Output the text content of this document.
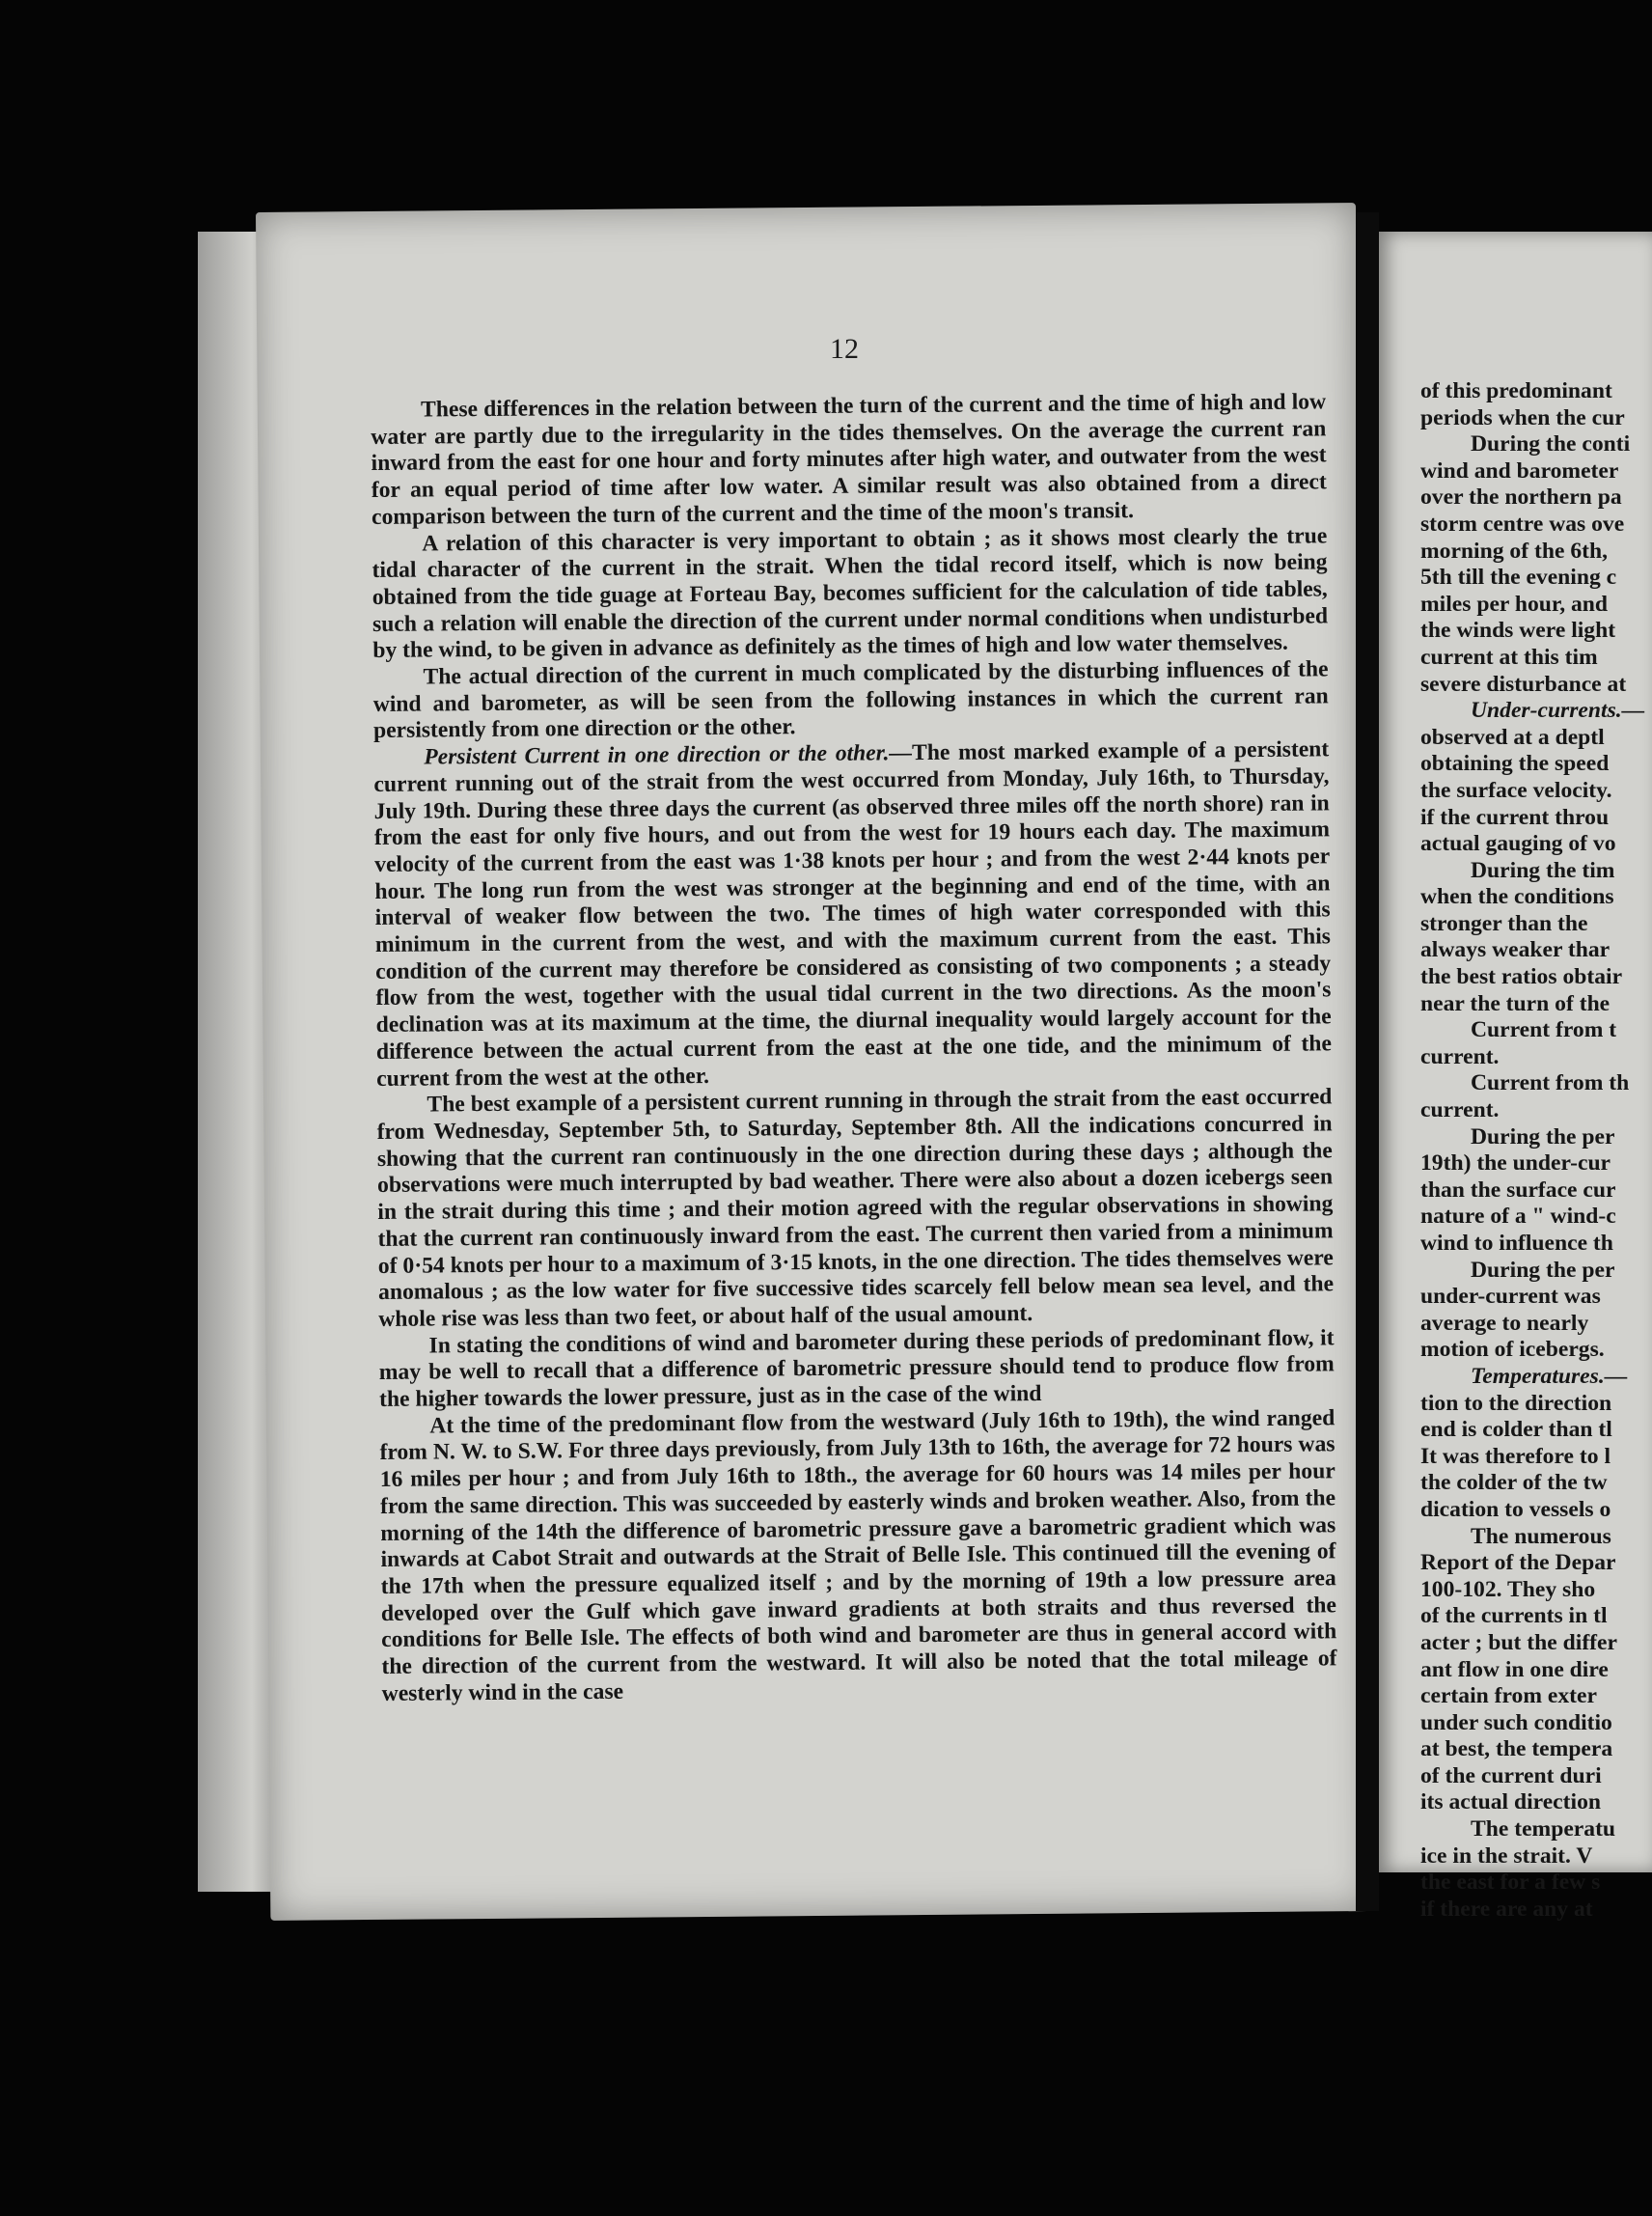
12

These differences in the relation between the turn of the current and the time of high and low water are partly due to the irregularity in the tides themselves. On the average the current ran inward from the east for one hour and forty minutes after high water, and outwater from the west for an equal period of time after low water. A similar result was also obtained from a direct comparison between the turn of the current and the time of the moon's transit.

A relation of this character is very important to obtain ; as it shows most clearly the true tidal character of the current in the strait. When the tidal record itself, which is now being obtained from the tide guage at Forteau Bay, becomes sufficient for the calculation of tide tables, such a relation will enable the direction of the current under normal conditions when undisturbed by the wind, to be given in advance as definitely as the times of high and low water themselves.

The actual direction of the current in much complicated by the disturbing influences of the wind and barometer, as will be seen from the following instances in which the current ran persistently from one direction or the other.

Persistent Current in one direction or the other.—The most marked example of a persistent current running out of the strait from the west occurred from Monday, July 16th, to Thursday, July 19th. During these three days the current (as observed three miles off the north shore) ran in from the east for only five hours, and out from the west for 19 hours each day. The maximum velocity of the current from the east was 1·38 knots per hour ; and from the west 2·44 knots per hour. The long run from the west was stronger at the beginning and end of the time, with an interval of weaker flow between the two. The times of high water corresponded with this minimum in the current from the west, and with the maximum current from the east. This condition of the current may therefore be considered as consisting of two components ; a steady flow from the west, together with the usual tidal current in the two directions. As the moon's declination was at its maximum at the time, the diurnal inequality would largely account for the difference between the actual current from the east at the one tide, and the minimum of the current from the west at the other.

The best example of a persistent current running in through the strait from the east occurred from Wednesday, September 5th, to Saturday, September 8th. All the indications concurred in showing that the current ran continuously in the one direction during these days ; although the observations were much interrupted by bad weather. There were also about a dozen icebergs seen in the strait during this time ; and their motion agreed with the regular observations in showing that the current ran continuously inward from the east. The current then varied from a minimum of 0·54 knots per hour to a maximum of 3·15 knots, in the one direction. The tides themselves were anomalous ; as the low water for five successive tides scarcely fell below mean sea level, and the whole rise was less than two feet, or about half of the usual amount.

In stating the conditions of wind and barometer during these periods of predominant flow, it may be well to recall that a difference of barometric pressure should tend to produce flow from the higher towards the lower pressure, just as in the case of the wind

At the time of the predominant flow from the westward (July 16th to 19th), the wind ranged from N. W. to S.W. For three days previously, from July 13th to 16th, the average for 72 hours was 16 miles per hour ; and from July 16th to 18th., the average for 60 hours was 14 miles per hour from the same direction. This was succeeded by easterly winds and broken weather. Also, from the morning of the 14th the difference of barometric pressure gave a barometric gradient which was inwards at Cabot Strait and outwards at the Strait of Belle Isle. This continued till the evening of the 17th when the pressure equalized itself ; and by the morning of 19th a low pressure area developed over the Gulf which gave inward gradients at both straits and thus reversed the conditions for Belle Isle. The effects of both wind and barometer are thus in general accord with the direction of the current from the westward. It will also be noted that the total mileage of westerly wind in the case

of this predominant
periods when the cur
During the conti
wind and barometer
over the northern pa
storm centre was ove
morning of the 6th,
5th till the evening c
miles per hour, and
the winds were light
current at this tim
severe disturbance at
Under-currents.—
observed at a deptl
obtaining the speed
the surface velocity.
if the current throu
actual gauging of vo
During the tim
when the conditions
stronger than the
always weaker thar
the best ratios obtair
near the turn of the
Current from t
current.
Current from th
current.
During the per
19th) the under-cur
than the surface cur
nature of a " wind-c
wind to influence th
During the per
under-current was
average to nearly
motion of icebergs.
Temperatures.—
tion to the direction
end is colder than tl
It was therefore to l
the colder of the tw
dication to vessels o
The numerous
Report of the Depar
100-102. They sho
of the currents in tl
acter ; but the differ
ant flow in one dire
certain from exter
under such conditio
at best, the tempera
of the current duri
its actual direction
The temperatu
ice in the strait. V
the east for a few s
if there are any at
